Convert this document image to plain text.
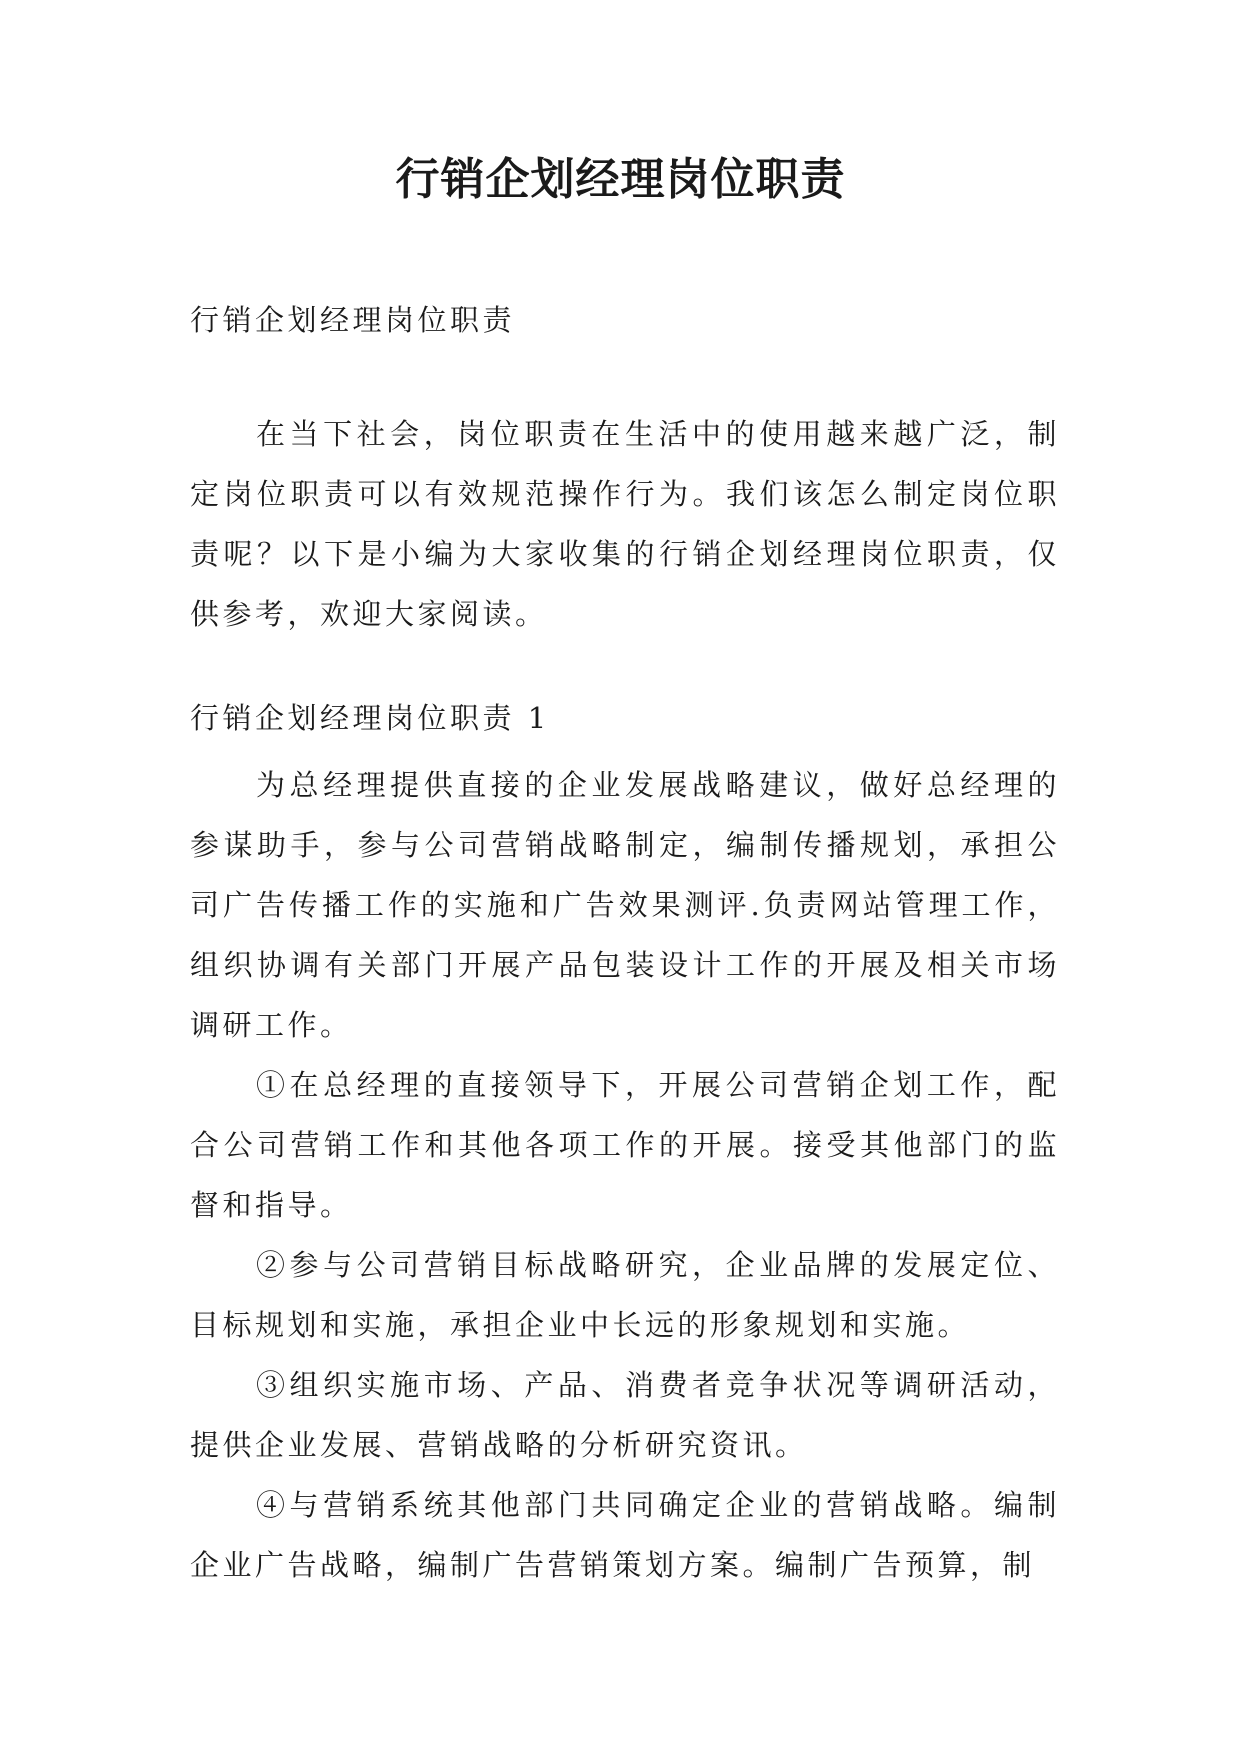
行销企划经理岗位职责

行销企划经理岗位职责

在当下社会，岗位职责在生活中的使用越来越广泛，制定岗位职责可以有效规范操作行为。我们该怎么制定岗位职责呢？以下是小编为大家收集的行销企划经理岗位职责，仅供参考，欢迎大家阅读。

行销企划经理岗位职责 1

为总经理提供直接的企业发展战略建议，做好总经理的参谋助手，参与公司营销战略制定，编制传播规划，承担公司广告传播工作的实施和广告效果测评.负责网站管理工作，组织协调有关部门开展产品包装设计工作的开展及相关市场调研工作。

①在总经理的直接领导下，开展公司营销企划工作，配合公司营销工作和其他各项工作的开展。接受其他部门的监督和指导。

②参与公司营销目标战略研究，企业品牌的发展定位、目标规划和实施，承担企业中长远的形象规划和实施。

③组织实施市场、产品、消费者竞争状况等调研活动，提供企业发展、营销战略的分析研究资讯。

④与营销系统其他部门共同确定企业的营销战略。编制企业广告战略，编制广告营销策划方案。编制广告预算，制
